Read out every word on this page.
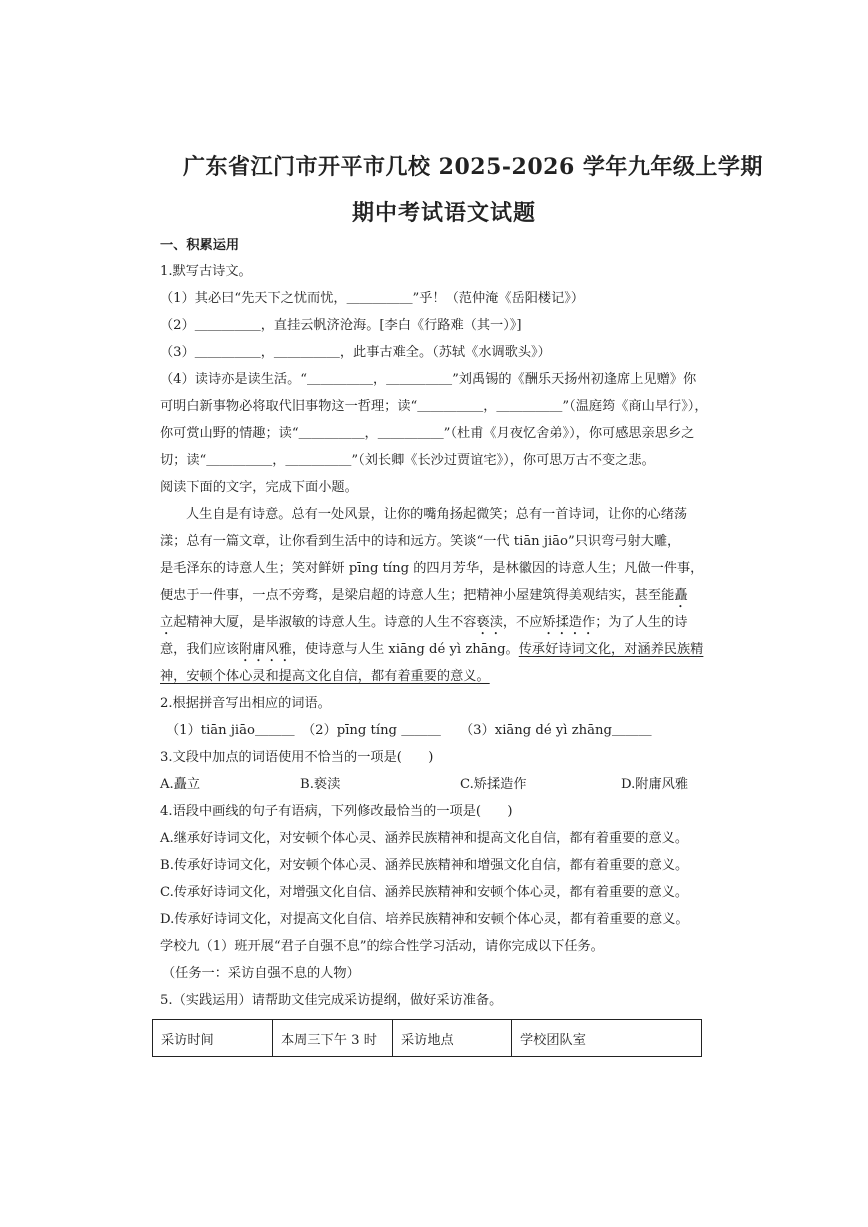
广东省江门市开平市几校 2025-2026 学年九年级上学期
期中考试语文试题
一、积累运用
1.默写古诗文。
（1）其必曰“先天下之忧而忧，＿＿＿＿＿”乎！（范仲淹《岳阳楼记》）
（2）＿＿＿＿＿，直挂云帆济沧海。[李白《行路难（其一）》]
（3）＿＿＿＿＿，＿＿＿＿＿，此事古难全。（苏轼《水调歌头》）
（4）读诗亦是读生活。“＿＿＿＿＿，＿＿＿＿＿”刘禹锡的《酬乐天扬州初逢席上见赠》你
可明白新事物必将取代旧事物这一哲理；读“＿＿＿＿＿，＿＿＿＿＿”（温庭筠《商山早行》），
你可赏山野的情趣；读“＿＿＿＿＿，＿＿＿＿＿”（杜甫《月夜忆舍弟》），你可感思亲思乡之
切；读“＿＿＿＿＿，＿＿＿＿＿”（刘长卿《长沙过贾谊宅》），你可思万古不变之悲。
阅读下面的文字，完成下面小题。
人生自是有诗意。总有一处风景，让你的嘴角扬起微笑；总有一首诗词，让你的心绪荡
漾；总有一篇文章，让你看到生活中的诗和远方。笑谈“一代 tiān jiāo”只识弯弓射大雕，
是毛泽东的诗意人生；笑对鲜妍 pīng tíng 的四月芳华，是林徽因的诗意人生；凡做一件事，
便忠于一件事，一点不旁骛，是梁启超的诗意人生；把精神小屋建筑得美观结实，甚至能矗
立起精神大厦，是毕淑敏的诗意人生。诗意的人生不容亵渎，不应矫揉造作；为了人生的诗
意，我们应该附庸风雅，使诗意与人生 xiāng dé yì zhāng。传承好诗词文化，对涵养民族精
神，安顿个体心灵和提高文化自信，都有着重要的意义。
2.根据拼音写出相应的词语。
（1）tiān jiāo＿＿＿ （2）pīng tíng ＿＿＿ （3）xiāng dé yì zhāng＿＿＿
3.文段中加点的词语使用不恰当的一项是(　　)
A.矗立	B.亵渎	C.矫揉造作	D.附庸风雅
4.语段中画线的句子有语病，下列修改最恰当的一项是(　　)
A.继承好诗词文化，对安顿个体心灵、涵养民族精神和提高文化自信，都有着重要的意义。
B.传承好诗词文化，对安顿个体心灵、涵养民族精神和增强文化自信，都有着重要的意义。
C.传承好诗词文化，对增强文化自信、涵养民族精神和安顿个体心灵，都有着重要的意义。
D.传承好诗词文化，对提高文化自信、培养民族精神和安顿个体心灵，都有着重要的意义。
学校九（1）班开展“君子自强不息”的综合性学习活动，请你完成以下任务。
（任务一：采访自强不息的人物）
5.（实践运用）请帮助文佳完成采访提纲，做好采访准备。
采访时间	本周三下午 3 时	采访地点	学校团队室
